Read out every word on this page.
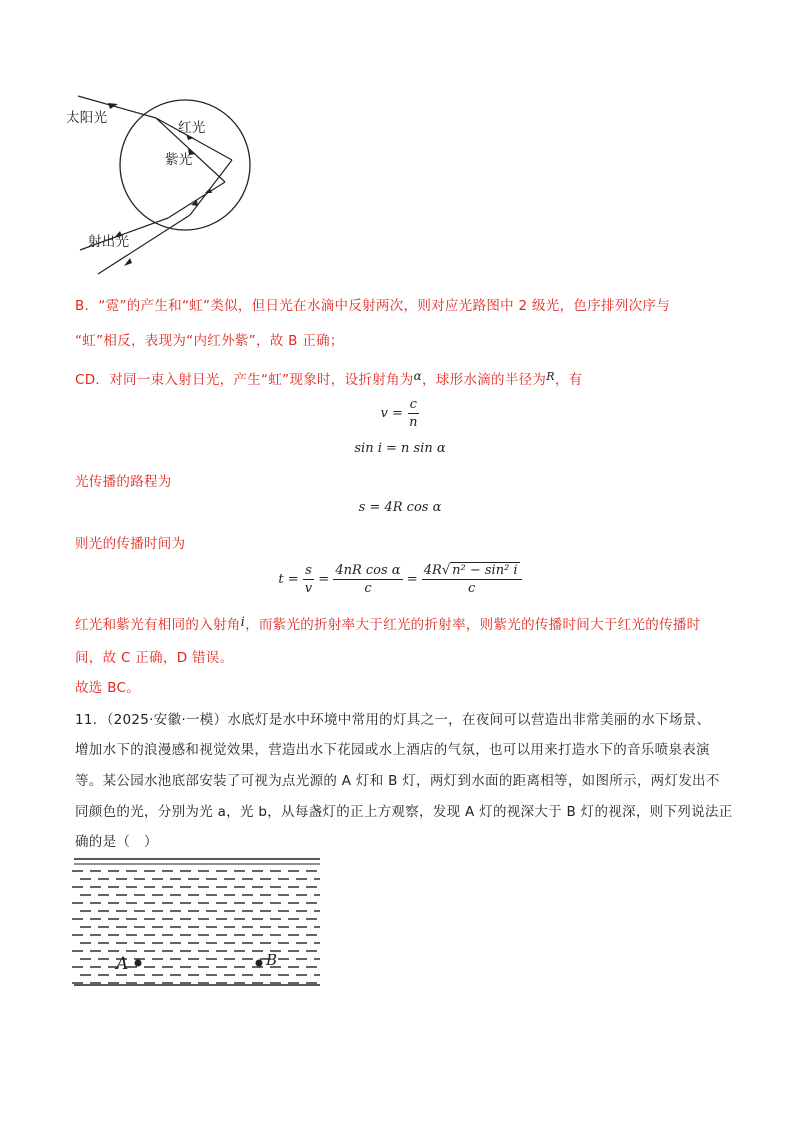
太阳光
红光
紫光
射出光
B．“霓”的产生和“虹”类似，但日光在水滴中反射两次，则对应光路图中 2 级光，色序排列次序与
“虹”相反，表现为“内红外紫”，故 B 正确；
CD．对同一束入射日光，产生“虹”现象时，设折射角为α，球形水滴的半径为$^R$，有
$v = \frac{c}{n}$
sin i = n sin α
光传播的路程为
s = 4R cos α
则光的传播时间为
$t = \frac{s}{v} = \frac{\text{4nR cos α}}{c} = \frac{\text{4R√ n² − sin² i}}{c}$
红光和紫光有相同的入射角i，而紫光的折射率大于红光的折射率，则紫光的传播时间大于红光的传播时
间，故 C 正确，D 错误。
故选 BC。
11．（2025·安徽·一模）水底灯是水中环境中常用的灯具之一，在夜间可以营造出非常美丽的水下场景、
增加水下的浪漫感和视觉效果，营造出水下花园或水上酒店的气氛，也可以用来打造水下的音乐喷泉表演
等。某公园水池底部安装了可视为点光源的 A 灯和 B 灯，两灯到水面的距离相等，如图所示，两灯发出不
同颜色的光，分别为光 a，光 b，从每盏灯的正上方观察，发现 A 灯的视深大于 B 灯的视深，则下列说法正
确的是（　）
A	B
